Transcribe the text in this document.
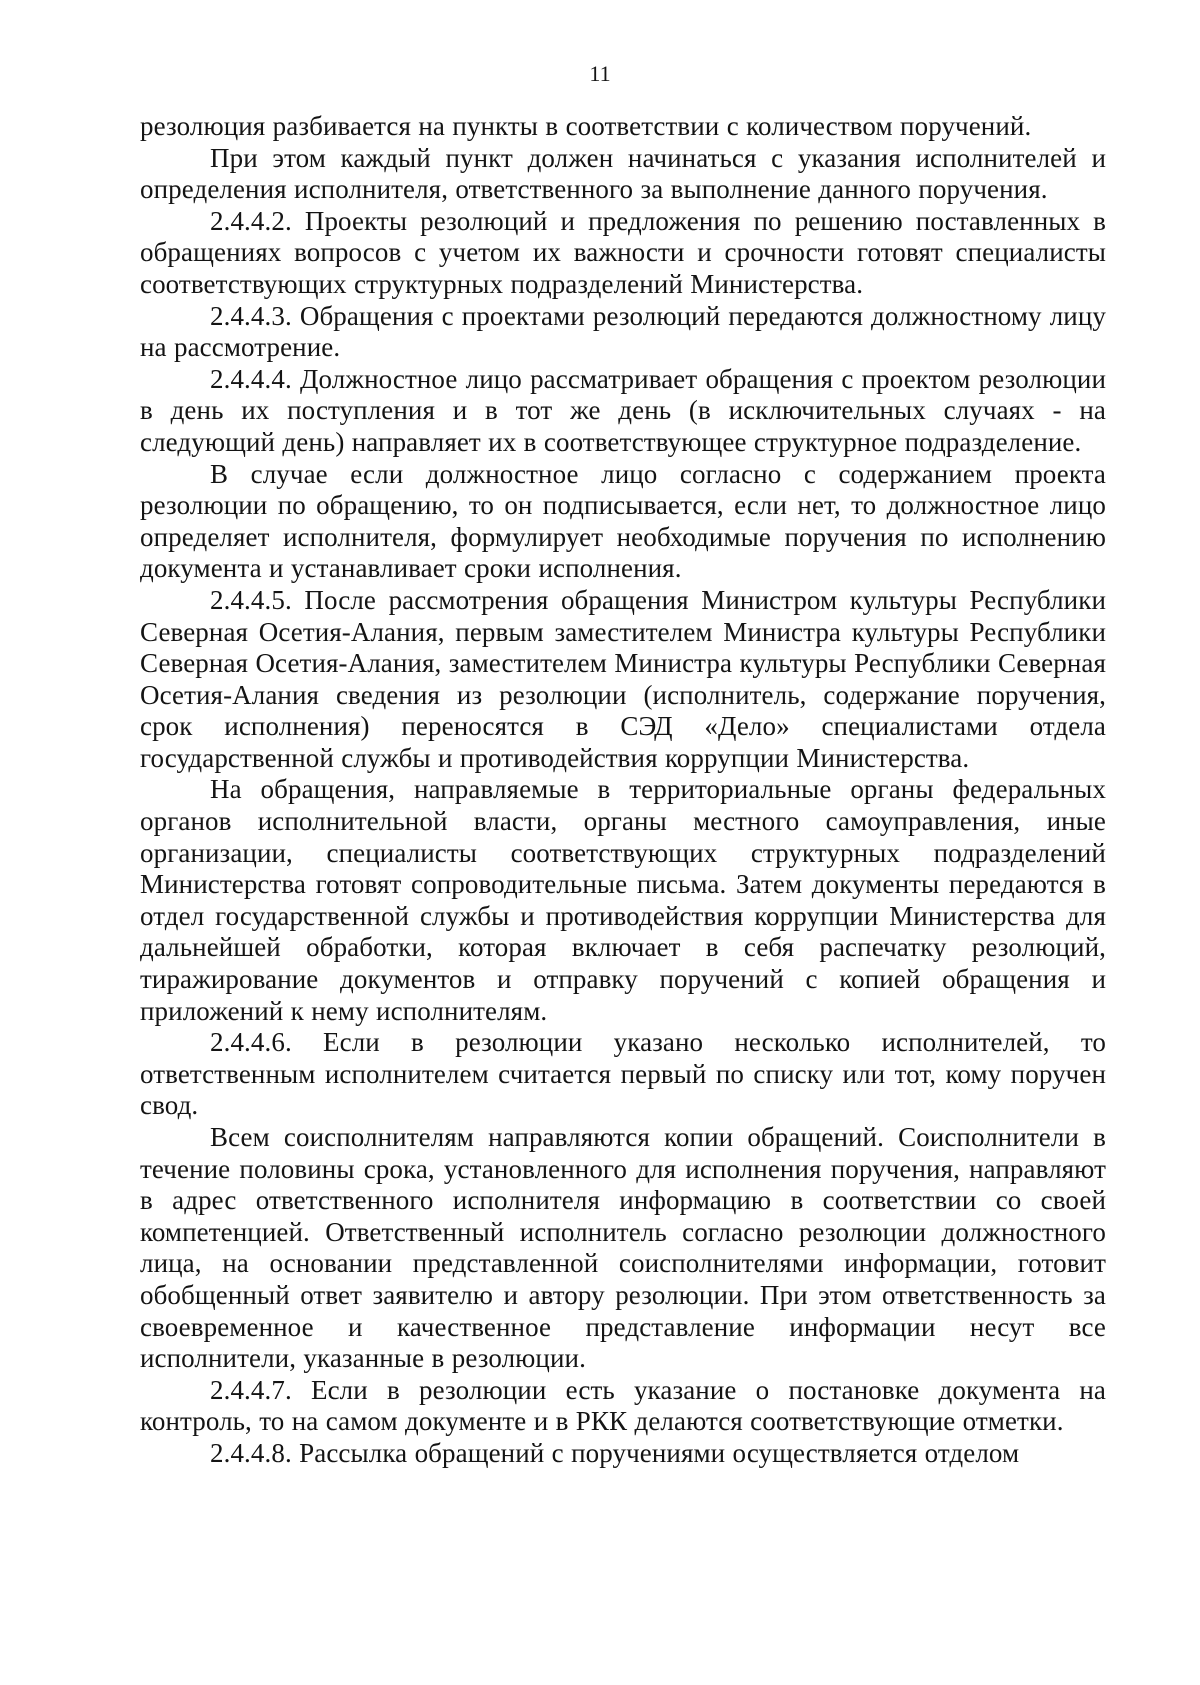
11

резолюция разбивается на пункты в соответствии с количеством поручений.

При этом каждый пункт должен начинаться с указания исполнителей и определения исполнителя, ответственного за выполнение данного поручения.

2.4.4.2. Проекты резолюций и предложения по решению поставленных в обращениях вопросов с учетом их важности и срочности готовят специалисты соответствующих структурных подразделений Министерства.

2.4.4.3. Обращения с проектами резолюций передаются должностному лицу на рассмотрение.

2.4.4.4. Должностное лицо рассматривает обращения с проектом резолюции в день их поступления и в тот же день (в исключительных случаях - на следующий день) направляет их в соответствующее структурное подразделение.

В случае если должностное лицо согласно с содержанием проекта резолюции по обращению, то он подписывается, если нет, то должностное лицо определяет исполнителя, формулирует необходимые поручения по исполнению документа и устанавливает сроки исполнения.

2.4.4.5. После рассмотрения обращения Министром культуры Республики Северная Осетия-Алания, первым заместителем Министра культуры Республики Северная Осетия-Алания, заместителем Министра культуры Республики Северная Осетия-Алания сведения из резолюции (исполнитель, содержание поручения, срок исполнения) переносятся в СЭД «Дело» специалистами отдела государственной службы и противодействия коррупции Министерства.

На обращения, направляемые в территориальные органы федеральных органов исполнительной власти, органы местного самоуправления, иные организации, специалисты соответствующих структурных подразделений Министерства готовят сопроводительные письма. Затем документы передаются в отдел государственной службы и противодействия коррупции Министерства для дальнейшей обработки, которая включает в себя распечатку резолюций, тиражирование документов и отправку поручений с копией обращения и приложений к нему исполнителям.

2.4.4.6. Если в резолюции указано несколько исполнителей, то ответственным исполнителем считается первый по списку или тот, кому поручен свод.

Всем соисполнителям направляются копии обращений. Соисполнители в течение половины срока, установленного для исполнения поручения, направляют в адрес ответственного исполнителя информацию в соответствии со своей компетенцией. Ответственный исполнитель согласно резолюции должностного лица, на основании представленной соисполнителями информации, готовит обобщенный ответ заявителю и автору резолюции. При этом ответственность за своевременное и качественное представление информации несут все исполнители, указанные в резолюции.

2.4.4.7. Если в резолюции есть указание о постановке документа на контроль, то на самом документе и в РКК делаются соответствующие отметки.

2.4.4.8. Рассылка обращений с поручениями осуществляется отделом
